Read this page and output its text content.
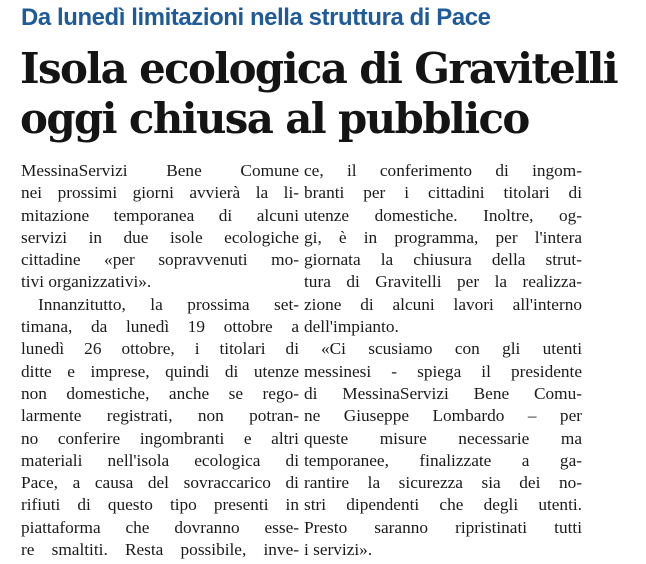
Da lunedì limitazioni nella struttura di Pace
Isola ecologica di Gravitelli
oggi chiusa al pubblico
MessinaServizi Bene Comune
nei prossimi giorni avvierà la li-
mitazione temporanea di alcuni
servizi in due isole ecologiche
cittadine «per sopravvenuti mo-
tivi organizzativi».
Innanzitutto, la prossima set-
timana, da lunedì 19 ottobre a
lunedì 26 ottobre, i titolari di
ditte e imprese, quindi di utenze
non domestiche, anche se rego-
larmente registrati, non potran-
no conferire ingombranti e altri
materiali nell'isola ecologica di
Pace, a causa del sovraccarico di
rifiuti di questo tipo presenti in
piattaforma che dovranno esse-
re smaltiti. Resta possibile, inve-
ce, il conferimento di ingom-
branti per i cittadini titolari di
utenze domestiche. Inoltre, og-
gi, è in programma, per l'intera
giornata la chiusura della strut-
tura di Gravitelli per la realizza-
zione di alcuni lavori all'interno
dell'impianto.
«Ci scusiamo con gli utenti
messinesi - spiega il presidente
di MessinaServizi Bene Comu-
ne Giuseppe Lombardo – per
queste misure necessarie ma
temporanee, finalizzate a ga-
rantire la sicurezza sia dei no-
stri dipendenti che degli utenti.
Presto saranno ripristinati tutti
i servizi».
